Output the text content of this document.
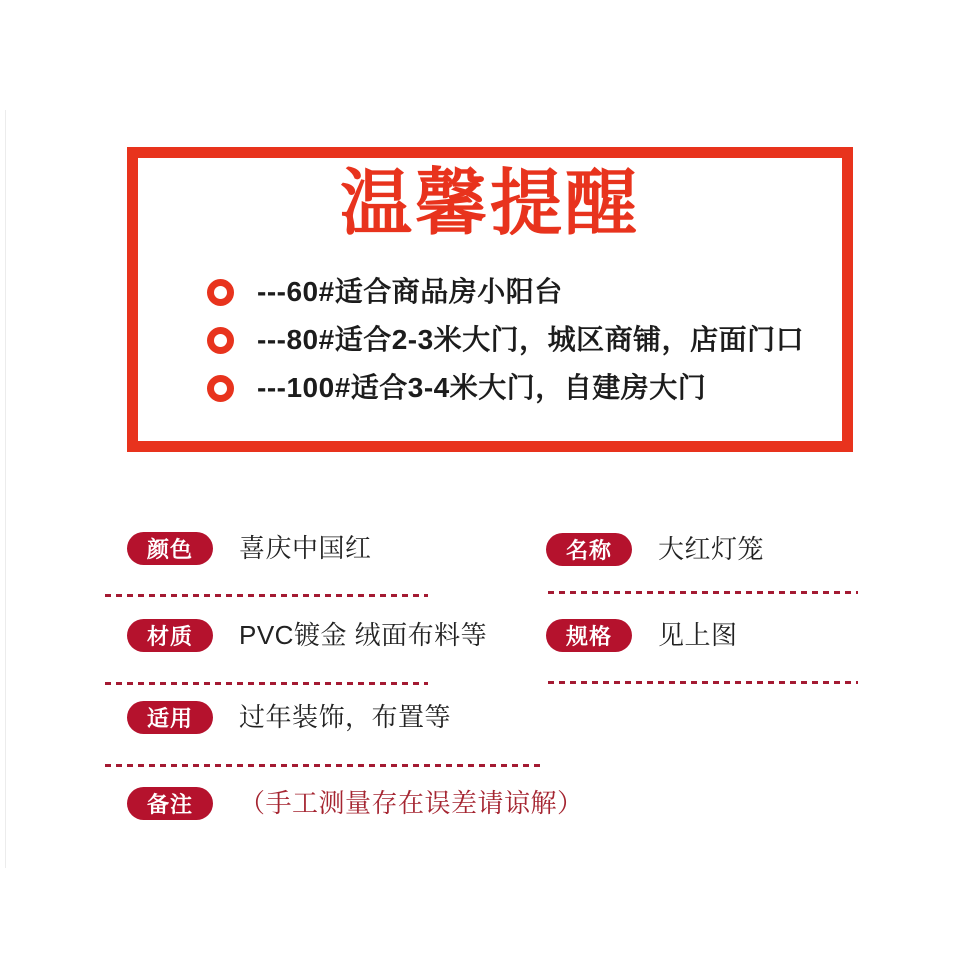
温馨提醒
---60#适合商品房小阳台
---80#适合2-3米大门，城区商铺，店面门口
---100#适合3-4米大门，自建房大门
颜色	喜庆中国红
材质	PVC镀金 绒面布料等
适用	过年装饰，布置等
备注	（手工测量存在误差请谅解）
名称	大红灯笼
规格	见上图
